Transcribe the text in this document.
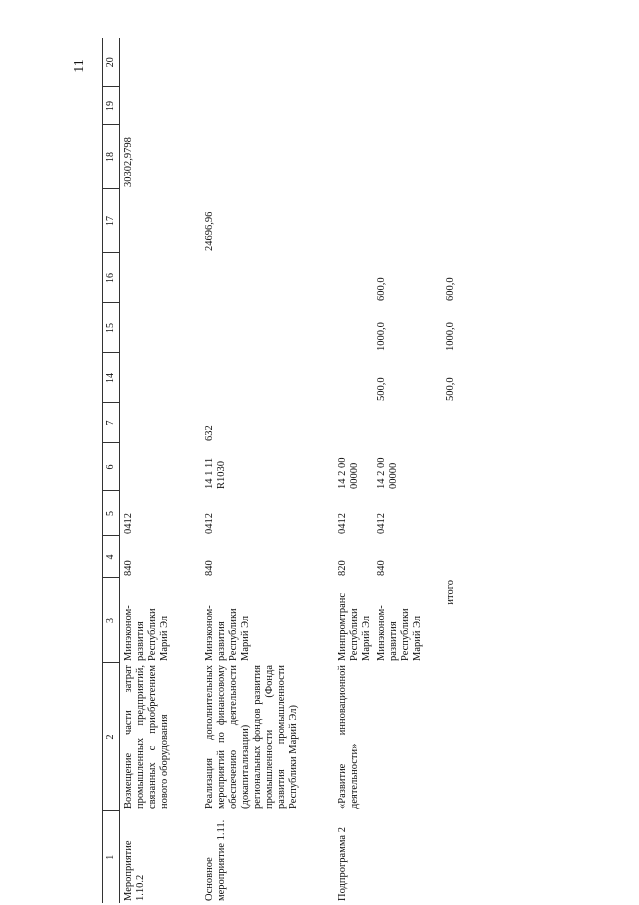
11
1	2	3	4	5	6	7	14	15	16	17	18	19	20
Мероприятие 1.10.2	Возмещение части затрат промышленных предприятий, связанных с приобретением нового оборудования	Минэконом-развития Республики Марий Эл	840	0412							30302,9798		
Основное мероприятие 1.11.	Реализация дополнительных мероприятий по финансовому обеспечению деятельности (докапитализации) региональных фондов развития промышленности (Фонда развития промышленности Республики Марий Эл)	Минэконом-развития Республики Марий Эл	840	0412	14 1 11 R1030	632				24696,96			
Подпрограмма 2	«Развитие инновационной деятельности»	Минпромтранс Республики Марий Эл	820	0412	14 2 00 00000								
		Минэконом-развития Республики Марий Эл	840	0412	14 2 00 00000		500,0	1000,0	600,0				
		итого					500,0	1000,0	600,0				
